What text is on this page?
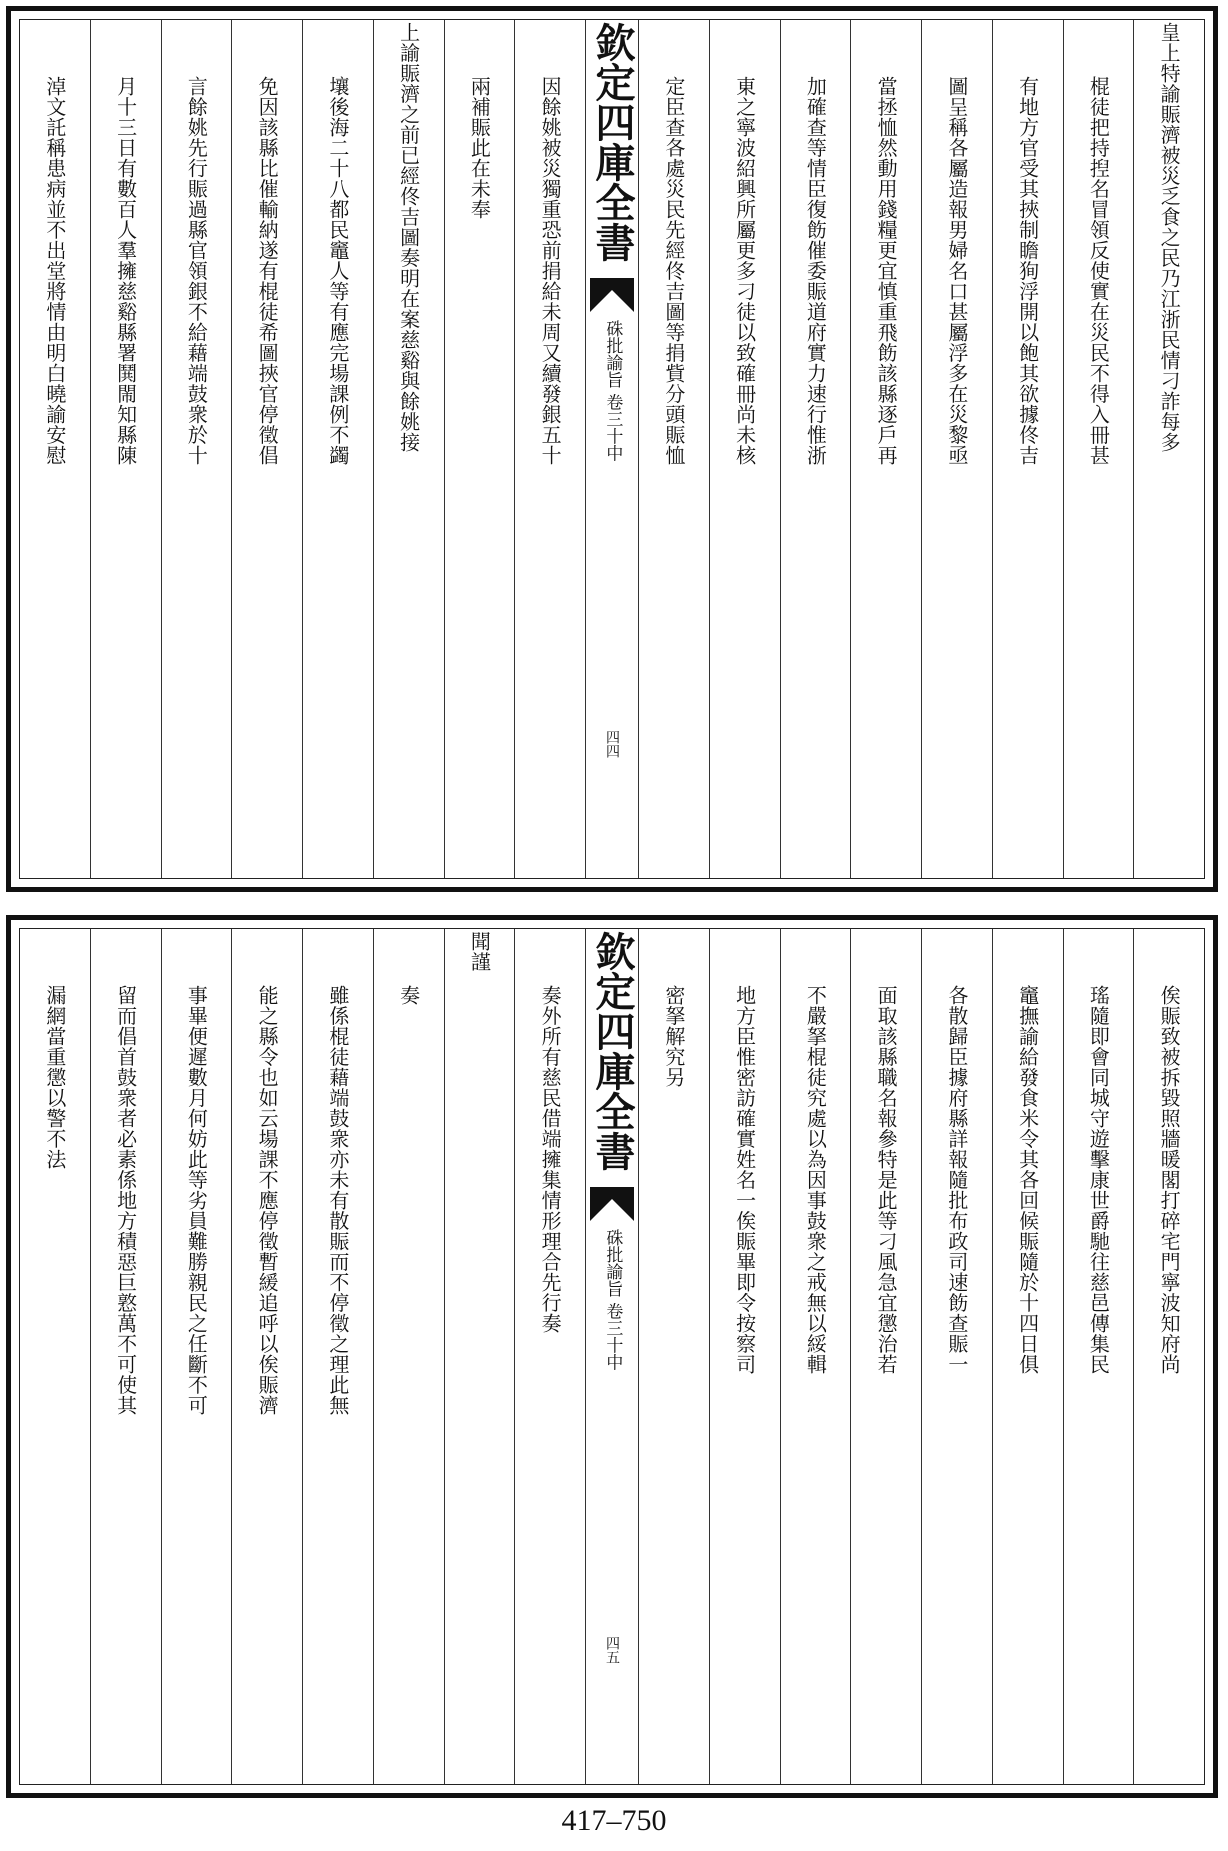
皇上特諭賑濟被災乏食之民乃江浙民情刁詐每多
棍徒把持揑名冒領反使實在災民不得入冊甚
有地方官受其挾制瞻狥浮開以飽其欲據佟吉
圖呈稱各屬造報男婦名口甚屬浮多在災黎亟
當拯恤然動用錢糧更宜慎重飛飭該縣逐戶再
加確查等情臣復飭催委賑道府實力速行惟浙
東之寧波紹興所屬更多刁徒以致確冊尚未核
定臣查各處災民先經佟吉圖等捐貲分頭賑恤
欽定四庫全書
硃批諭旨 卷三十中
四四
因餘姚被災獨重恐前捐給未周又續發銀五十
兩補賑此在未奉
上諭賑濟之前已經佟吉圖奏明在案慈谿與餘姚接
壤後海二十八都民竈人等有應完場課例不蠲
免因該縣比催輸納遂有棍徒希圖挾官停徵倡
言餘姚先行賑過縣官領銀不給藉端鼓衆於十
月十三日有數百人羣擁慈谿縣署鬨閙知縣陳
淖文託稱患病並不出堂將情由明白曉諭安慰
俟賑致被拆毀照牆暖閣打碎宅門寧波知府尚
瑤隨即會同城守遊擊康世爵馳往慈邑傳集民
竈撫諭給發食米令其各回候賑隨於十四日俱
各散歸臣據府縣詳報隨批布政司速飭查賑一
面取該縣職名報參特是此等刁風急宜懲治若
不嚴拏棍徒究處以為因事鼓衆之戒無以綏輯
地方臣惟密訪確實姓名一俟賑畢即令按察司
密拏解究另
欽定四庫全書
硃批諭旨 卷三十中
四五
奏外所有慈民借端擁集情形理合先行奏
聞謹
奏
雖係棍徒藉端鼓衆亦未有散賑而不停徵之理此無
能之縣令也如云場課不應停徵暫緩追呼以俟賑濟
事畢便遲數月何妨此等劣員難勝親民之任斷不可
留而倡首鼓衆者必素係地方積惡巨憝萬不可使其
漏網當重懲以警不法
417–750
